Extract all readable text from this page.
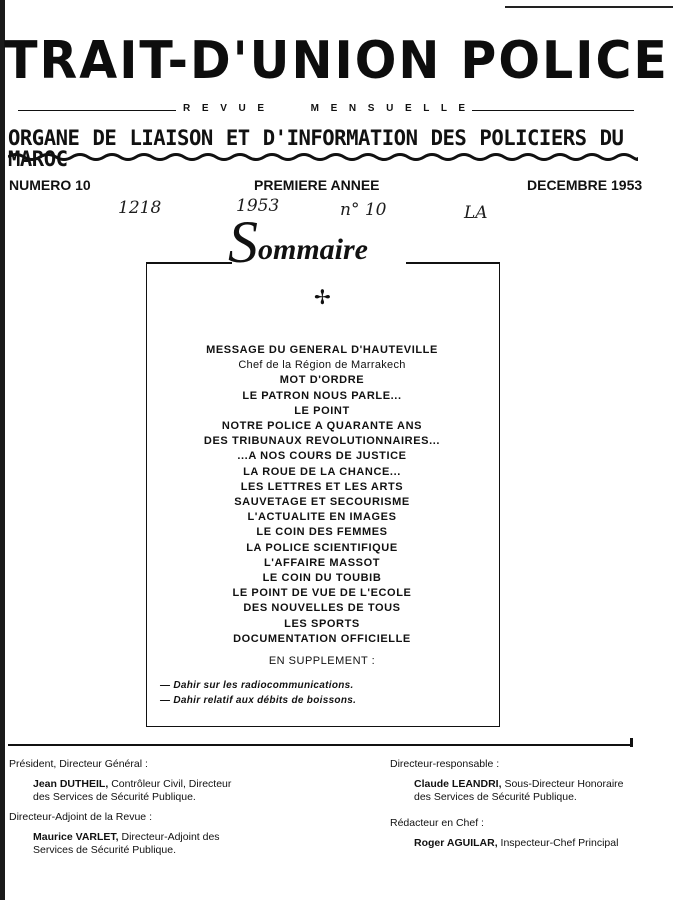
TRAIT-D'UNION POLICE
R E V U E	M E N S U E L L E
ORGANE DE LIAISON ET D'INFORMATION DES POLICIERS DU MAROC
NUMERO 10	PREMIERE ANNEE	DECEMBRE 1953
1218	1953	n° 10	LA
Sommaire
✢
MESSAGE DU GENERAL D'HAUTEVILLE
Chef de la Région de Marrakech
MOT D'ORDRE
LE PATRON NOUS PARLE...
LE POINT
NOTRE POLICE A QUARANTE ANS
DES TRIBUNAUX REVOLUTIONNAIRES...
...A NOS COURS DE JUSTICE
LA ROUE DE LA CHANCE...
LES LETTRES ET LES ARTS
SAUVETAGE ET SECOURISME
L'ACTUALITE EN IMAGES
LE COIN DES FEMMES
LA POLICE SCIENTIFIQUE
L'AFFAIRE MASSOT
LE COIN DU TOUBIB
LE POINT DE VUE DE L'ECOLE
DES NOUVELLES DE TOUS
LES SPORTS
DOCUMENTATION OFFICIELLE
EN SUPPLEMENT :
— Dahir sur les radiocommunications.
— Dahir relatif aux débits de boissons.
Président, Directeur Général :
Jean DUTHEIL, Contrôleur Civil, Directeur
des Services de Sécurité Publique.
Directeur-Adjoint de la Revue :
Maurice VARLET, Directeur-Adjoint des
Services de Sécurité Publique.
Directeur-responsable :
Claude LEANDRI, Sous-Directeur Honoraire
des Services de Sécurité Publique.
Rédacteur en Chef :
Roger AGUILAR, Inspecteur-Chef Principal
